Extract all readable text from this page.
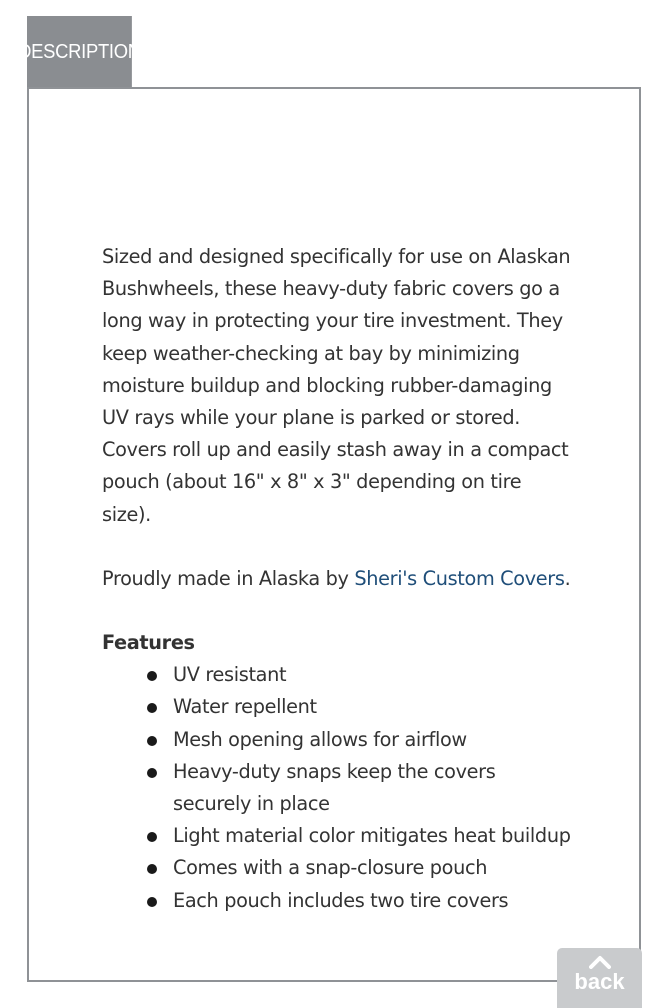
DESCRIPTION

Sized and designed specifically for use on Alaskan Bushwheels, these heavy-duty fabric covers go a long way in protecting your tire investment. They keep weather-checking at bay by minimizing moisture buildup and blocking rubber-damaging UV rays while your plane is parked or stored. Covers roll up and easily stash away in a compact pouch (about 16" x 8" x 3" depending on tire size).

Proudly made in Alaska by Sheri's Custom Covers.

Features

UV resistant
Water repellent
Mesh opening allows for airflow
Heavy-duty snaps keep the covers securely in place
Light material color mitigates heat buildup
Comes with a snap-closure pouch
Each pouch includes two tire covers
back
